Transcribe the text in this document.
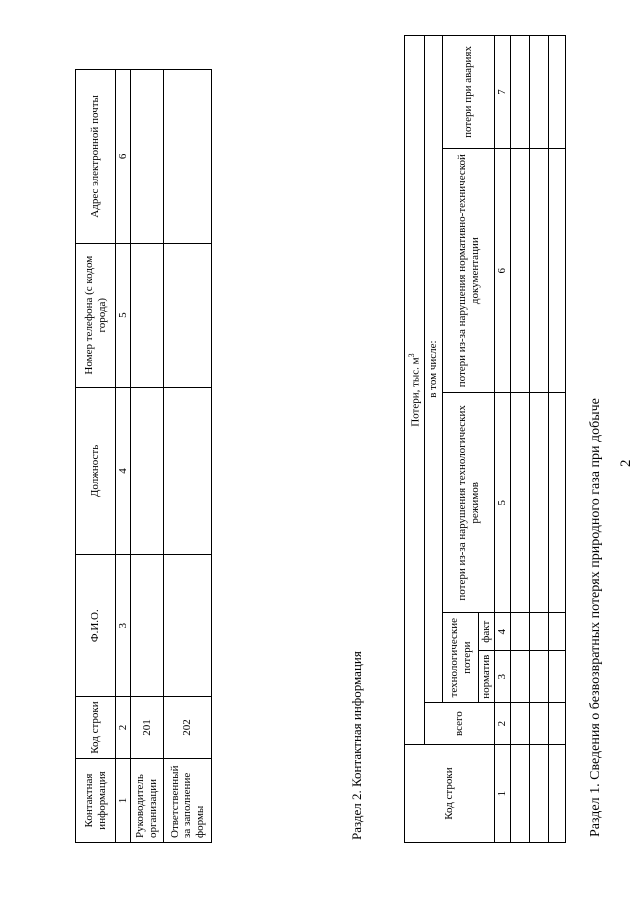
2
Раздел 1. Сведения о безвозвратных потерях природного газа при добыче
Код строки	Потери, тыс. $м^3$
	всего	в том числе:				
		технологические потери		потери из-за нарушения технологических режимов	потери из-за нарушения нормативно-технической документации	потери при авариях
		норматив	факт			
1	2	3	4	5	6	7

Раздел 2. Контактная информация
Контактная информация	Код строки	Ф.И.О.	Должность	Номер телефона (с кодом города)	Адрес электронной почты
1	2	3	4	5	6
Руководитель организации	201				
Ответственный за заполнение формы	202				
